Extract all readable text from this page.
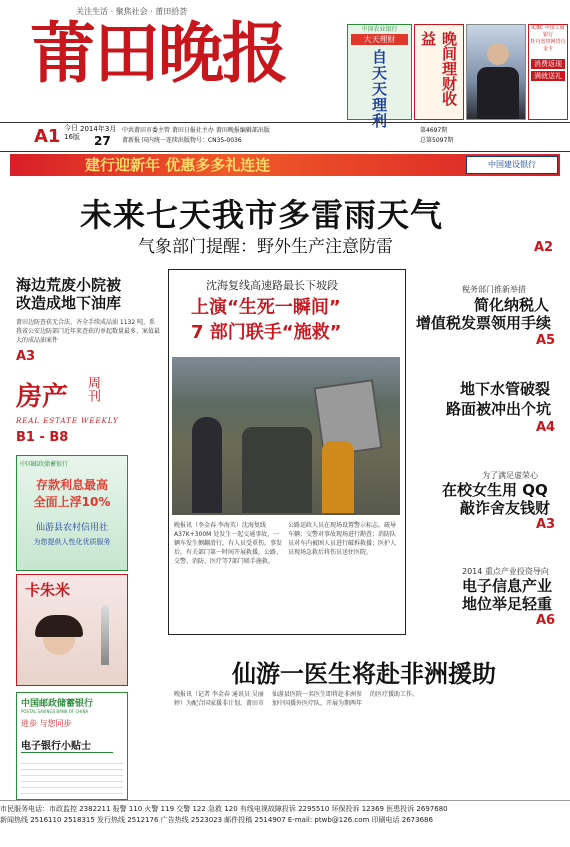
关注生活 · 聚焦社会 · 莆田拾荟
莆田晚报	中国农业银行
大天理财
自
天
天
理
利
晚间理财收益
ICBC 中国工商银行
牡丹宽带网贷自金卡
消费返现
满就送礼
A1 今日
16版
2014年3月
27
中共莆田市委主管 莆田日报社主办 莆田晚报编辑部出版
莆新报 国内统一连续出版物号：CN35-0036
第4697期
总第5097期
建行迎新年 优惠多多礼连连	中国建设银行
未来七天我市多雷雨天气
气象部门提醒：野外生产注意防雷	A2
海边荒废小院被改造成地下油库
莆田边防查获无合法、齐全手续成品油 1132 吨，系我省公安边防部门近年来查获的单起数量最多、案值最大的成品油案件
A3
房产	周刊
REAL ESTATE WEEKLY
B1 - B8
中国邮政储蓄银行
存款利息最高
全面上浮10%
仙游县农村信用社
为您提供人性化优质服务
卡朱米
中国邮政储蓄银行
POSTAL SAVINGS BANK OF CHINA
进步 与您同步
电子银行小贴士
沈海复线高速路最长下坡段
上演“生死一瞬间”
7 部门联手“施救”
晚报讯（李金春 李海英）沈海复线 A37K+300M 处发生一起交通事故，一辆车发生侧翻滑行，有人员受重伤。事发后，有关部门第一时间开展救援，公路、交警、消防、医疗等7部门联手施救。
公路运政人员在现场设置警示标志，疏导车辆；交警对事故现场进行勘查；消防队员对车内被困人员进行破拆救援；医护人员现场急救后将伤员送往医院。
税务部门推新举措
简化纳税人
增值税发票领用手续
A5
地下水管破裂
路面被冲出个坑
A4
为了满足虚荣心
在校女生用 QQ
敲诈舍友钱财
A3
2014 重点产业投资导向
电子信息产业
地位举足轻重
A6
仙游一医生将赴非洲援助
晚报讯（记者 李金春 通讯员 吴丽婷）为配合国家援非计划，莆田市仙游县医院一名医生即将赴非洲参加中国援外医疗队，开展为期两年的医疗援助工作。
市民服务电话：市政监控 2382211 报警 110 火警 119 交警 122 急救 120 有线电视故障投诉 2295510 环保投诉 12369 医患投诉 2697680
新闻热线 2516110 2518315 发行热线 2512176 广告热线 2523023 邮件投稿 2514907 E-mail: ptwb@126.com 印刷电话 2673686
